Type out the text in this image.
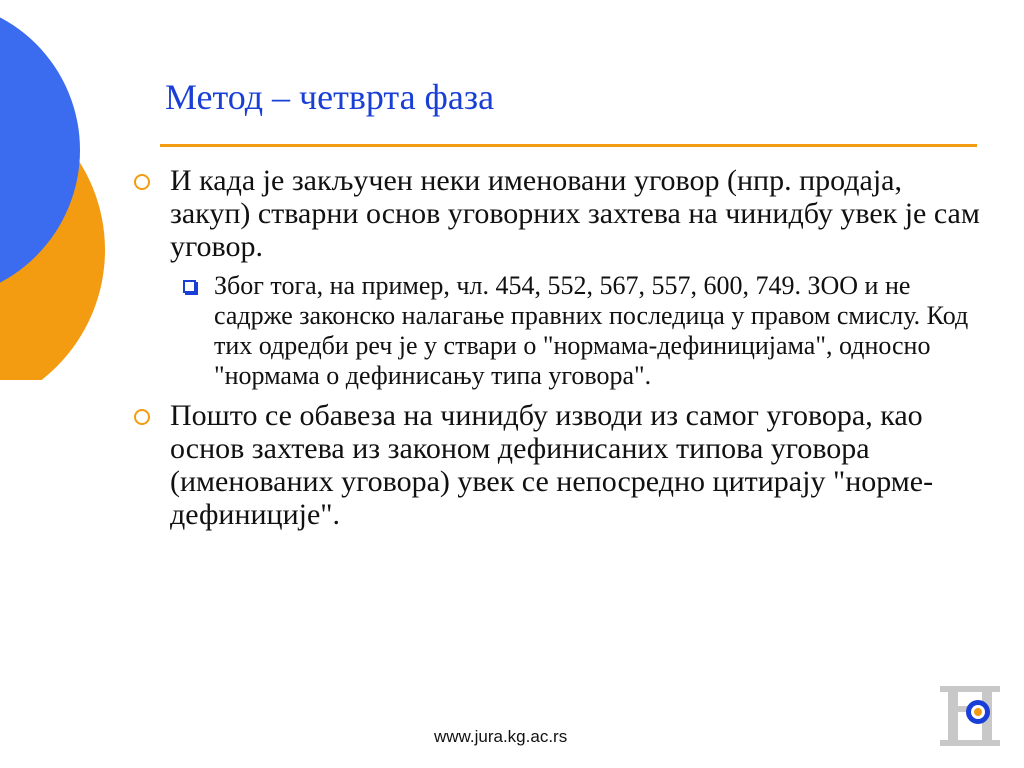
Метод – четврта фаза
И када је закључен неки именовани уговор (нпр. продаја, закуп) стварни основ уговорних захтева на чинидбу увек је сам уговор.
Због тога, на пример, чл. 454, 552, 567, 557, 600, 749. ЗОО и не садрже законско налагање правних последица у правом смислу. Код тих одредби реч је у ствари о "нормама-дефиницијама", односно "нормама о дефинисању типа уговора".
Пошто се обавеза на чинидбу изводи из самог уговора, као основ захтева из законом дефинисаних типова уговора (именованих уговора) увек се непосредно цитирају "норме-дефиниције".
www.jura.kg.ac.rs
